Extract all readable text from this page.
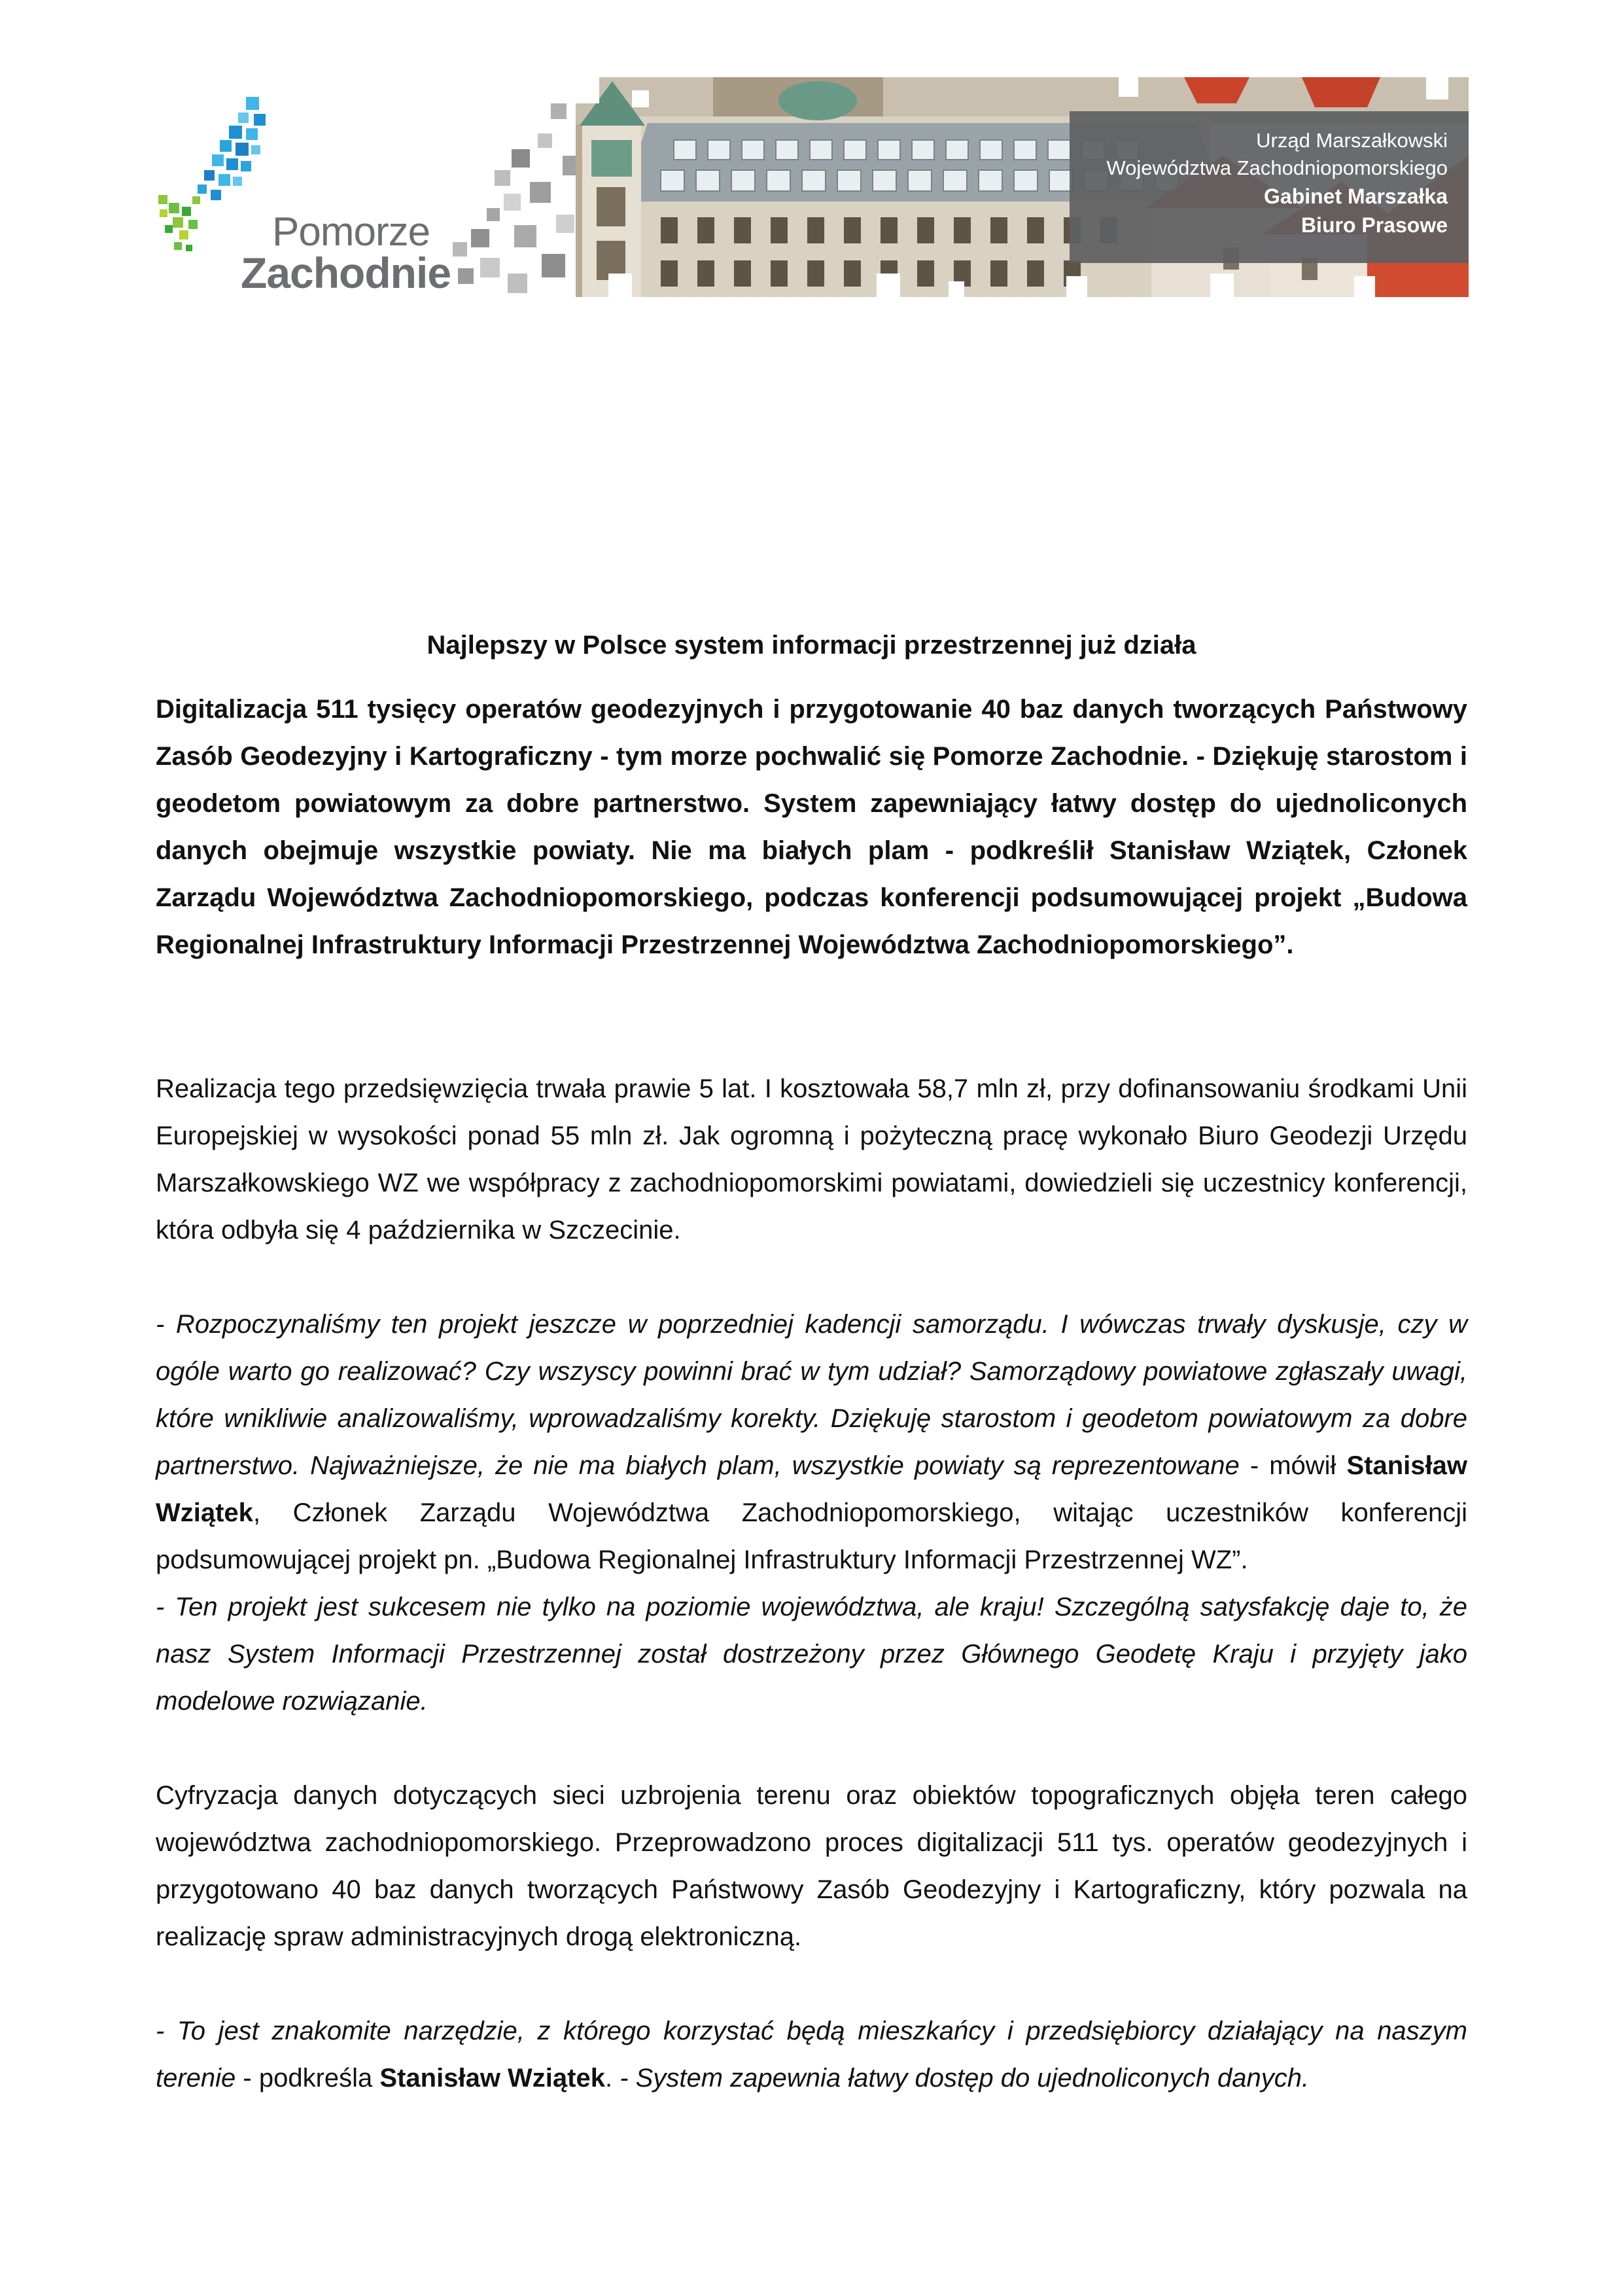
Pomorze
Zachodnie
Urząd Marszałkowski
Województwa Zachodniopomorskiego
Gabinet Marszałka
Biuro Prasowe
Najlepszy w Polsce system informacji przestrzennej już działa

Digitalizacja 511 tysięcy operatów geodezyjnych i przygotowanie 40 baz danych tworzących Państwowy Zasób Geodezyjny i Kartograficzny - tym morze pochwalić się Pomorze Zachodnie. - Dziękuję starostom i geodetom powiatowym za dobre partnerstwo. System zapewniający łatwy dostęp do ujednoliconych danych obejmuje wszystkie powiaty. Nie ma białych plam - podkreślił Stanisław Wziątek, Członek Zarządu Województwa Zachodniopomorskiego, podczas konferencji podsumowującej projekt „Budowa Regionalnej Infrastruktury Informacji Przestrzennej Województwa Zachodniopomorskiego”.

Realizacja tego przedsięwzięcia trwała prawie 5 lat. I kosztowała 58,7 mln zł, przy dofinansowaniu środkami Unii Europejskiej w wysokości ponad 55 mln zł. Jak ogromną i pożyteczną pracę wykonało Biuro Geodezji Urzędu Marszałkowskiego WZ we współpracy z zachodniopomorskimi powiatami, dowiedzieli się uczestnicy konferencji, która odbyła się 4 października w Szczecinie.

- Rozpoczynaliśmy ten projekt jeszcze w poprzedniej kadencji samorządu. I wówczas trwały dyskusje, czy w ogóle warto go realizować? Czy wszyscy powinni brać w tym udział? Samorządowy powiatowe zgłaszały uwagi, które wnikliwie analizowaliśmy, wprowadzaliśmy korekty. Dziękuję starostom i geodetom powiatowym za dobre partnerstwo. Najważniejsze, że nie ma białych plam, wszystkie powiaty są reprezentowane - mówił Stanisław Wziątek, Członek Zarządu Województwa Zachodniopomorskiego, witając uczestników konferencji podsumowującej projekt pn. „Budowa Regionalnej Infrastruktury Informacji Przestrzennej WZ”.
- Ten projekt jest sukcesem nie tylko na poziomie województwa, ale kraju! Szczególną satysfakcję daje to, że nasz System Informacji Przestrzennej został dostrzeżony przez Głównego Geodetę Kraju i przyjęty jako modelowe rozwiązanie.

Cyfryzacja danych dotyczących sieci uzbrojenia terenu oraz obiektów topograficznych objęła teren całego województwa zachodniopomorskiego. Przeprowadzono proces digitalizacji 511 tys. operatów geodezyjnych i przygotowano 40 baz danych tworzących Państwowy Zasób Geodezyjny i Kartograficzny, który pozwala na realizację spraw administracyjnych drogą elektroniczną.

- To jest znakomite narzędzie, z którego korzystać będą mieszkańcy i przedsiębiorcy działający na naszym terenie - podkreśla Stanisław Wziątek. - System zapewnia łatwy dostęp do ujednoliconych danych.
